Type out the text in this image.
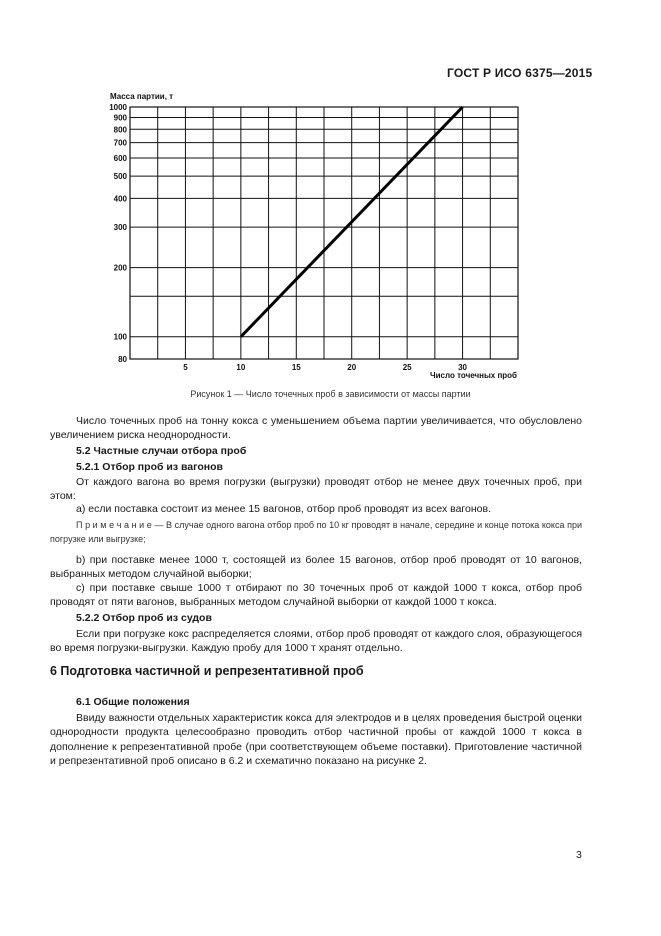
ГОСТ Р ИСО 6375—2015
Масса партии, т
80
100
200
300
400
500
600
700
800
900
1000
5	10	15	20	25	30
Число точечных проб
Рисунок 1 — Число точечных проб в зависимости от массы партии
Число точечных проб на тонну кокса с уменьшением объема партии увеличивается, что обусловлено увеличением риска неоднородности.
5.2 Частные случаи отбора проб
5.2.1 Отбор проб из вагонов
От каждого вагона во время погрузки (выгрузки) проводят отбор не менее двух точечных проб, при этом:
a) если поставка состоит из менее 15 вагонов, отбор проб проводят из всех вагонов.
П р и м е ч а н и е — В случае одного вагона отбор проб по 10 кг проводят в начале, середине и конце потока кокса при погрузке или выгрузке;
b) при поставке менее 1000 т, состоящей из более 15 вагонов, отбор проб проводят от 10 вагонов, выбранных методом случайной выборки;
c) при поставке свыше 1000 т отбирают по 30 точечных проб от каждой 1000 т кокса, отбор проб проводят от пяти вагонов, выбранных методом случайной выборки от каждой 1000 т кокса.
5.2.2 Отбор проб из судов
Если при погрузке кокс распределяется слоями, отбор проб проводят от каждого слоя, образующегося во время погрузки-выгрузки. Каждую пробу для 1000 т хранят отдельно.
6 Подготовка частичной и репрезентативной проб
6.1 Общие положения
Ввиду важности отдельных характеристик кокса для электродов и в целях проведения быстрой оценки однородности продукта целесообразно проводить отбор частичной пробы от каждой 1000 т кокса в дополнение к репрезентативной пробе (при соответствующем объеме поставки). Приготовление частичной и репрезентативной проб описано в 6.2 и схематично показано на рисунке 2.
3
